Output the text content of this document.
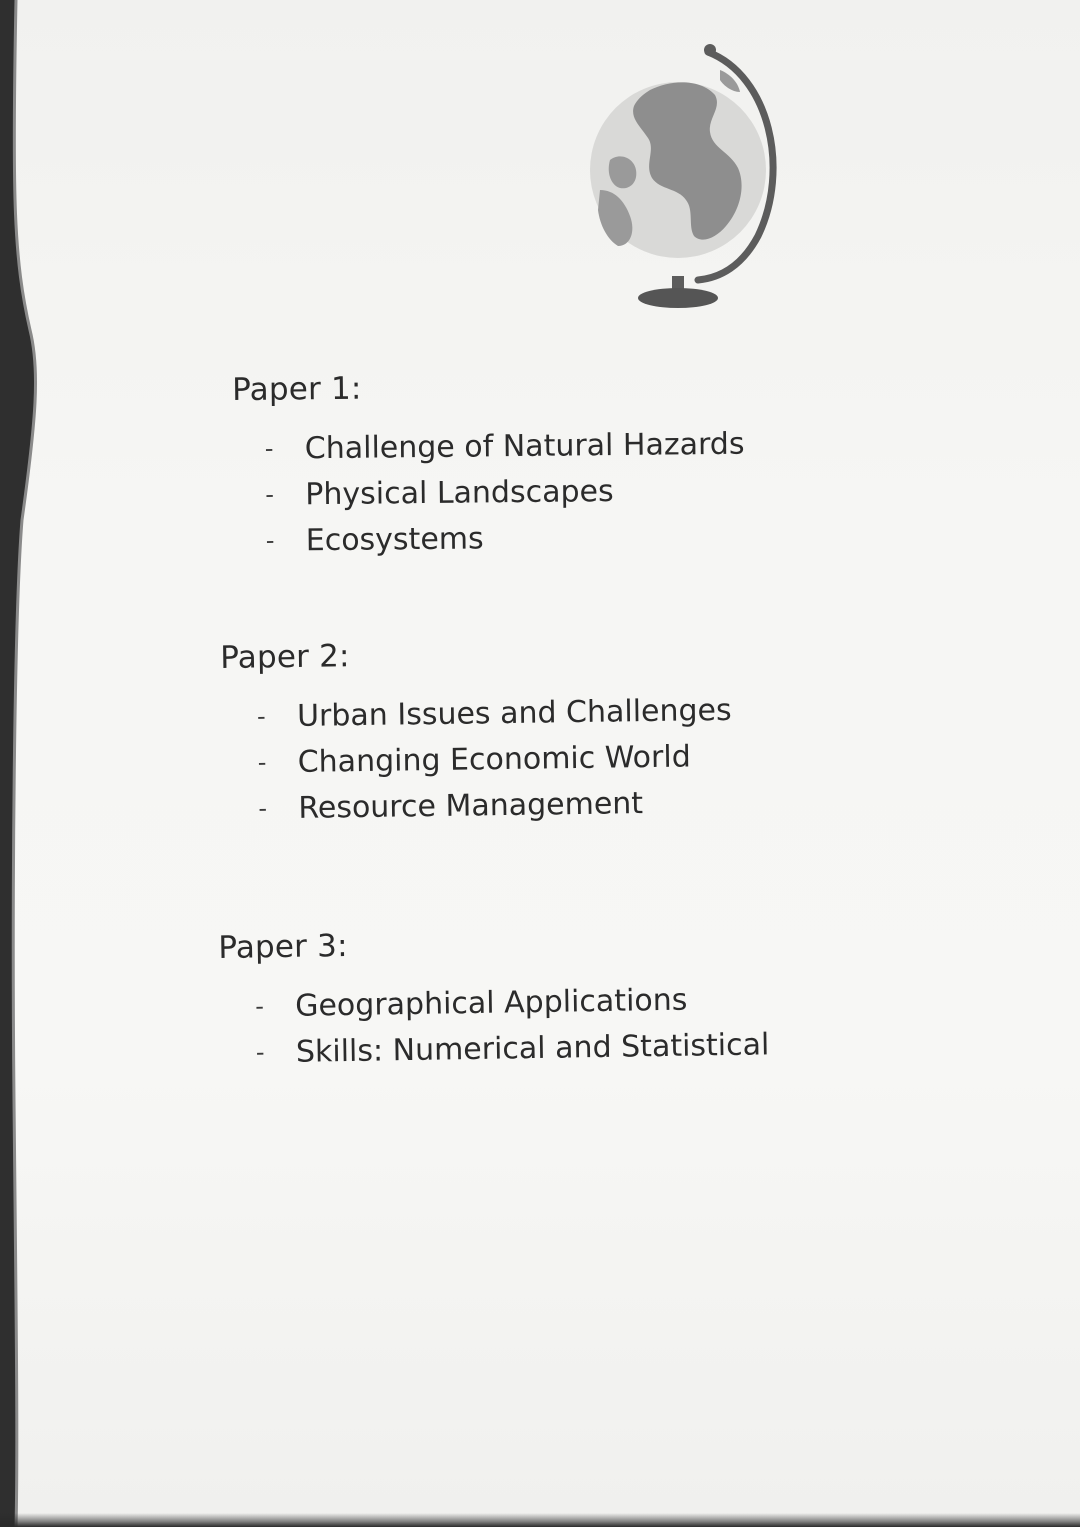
Paper 1:
-	Challenge of Natural Hazards
-	Physical Landscapes
-	Ecosystems
Paper 2:
-	Urban Issues and Challenges
-	Changing Economic World
-	Resource Management
Paper 3:
-	Geographical Applications
-	Skills: Numerical and Statistical
